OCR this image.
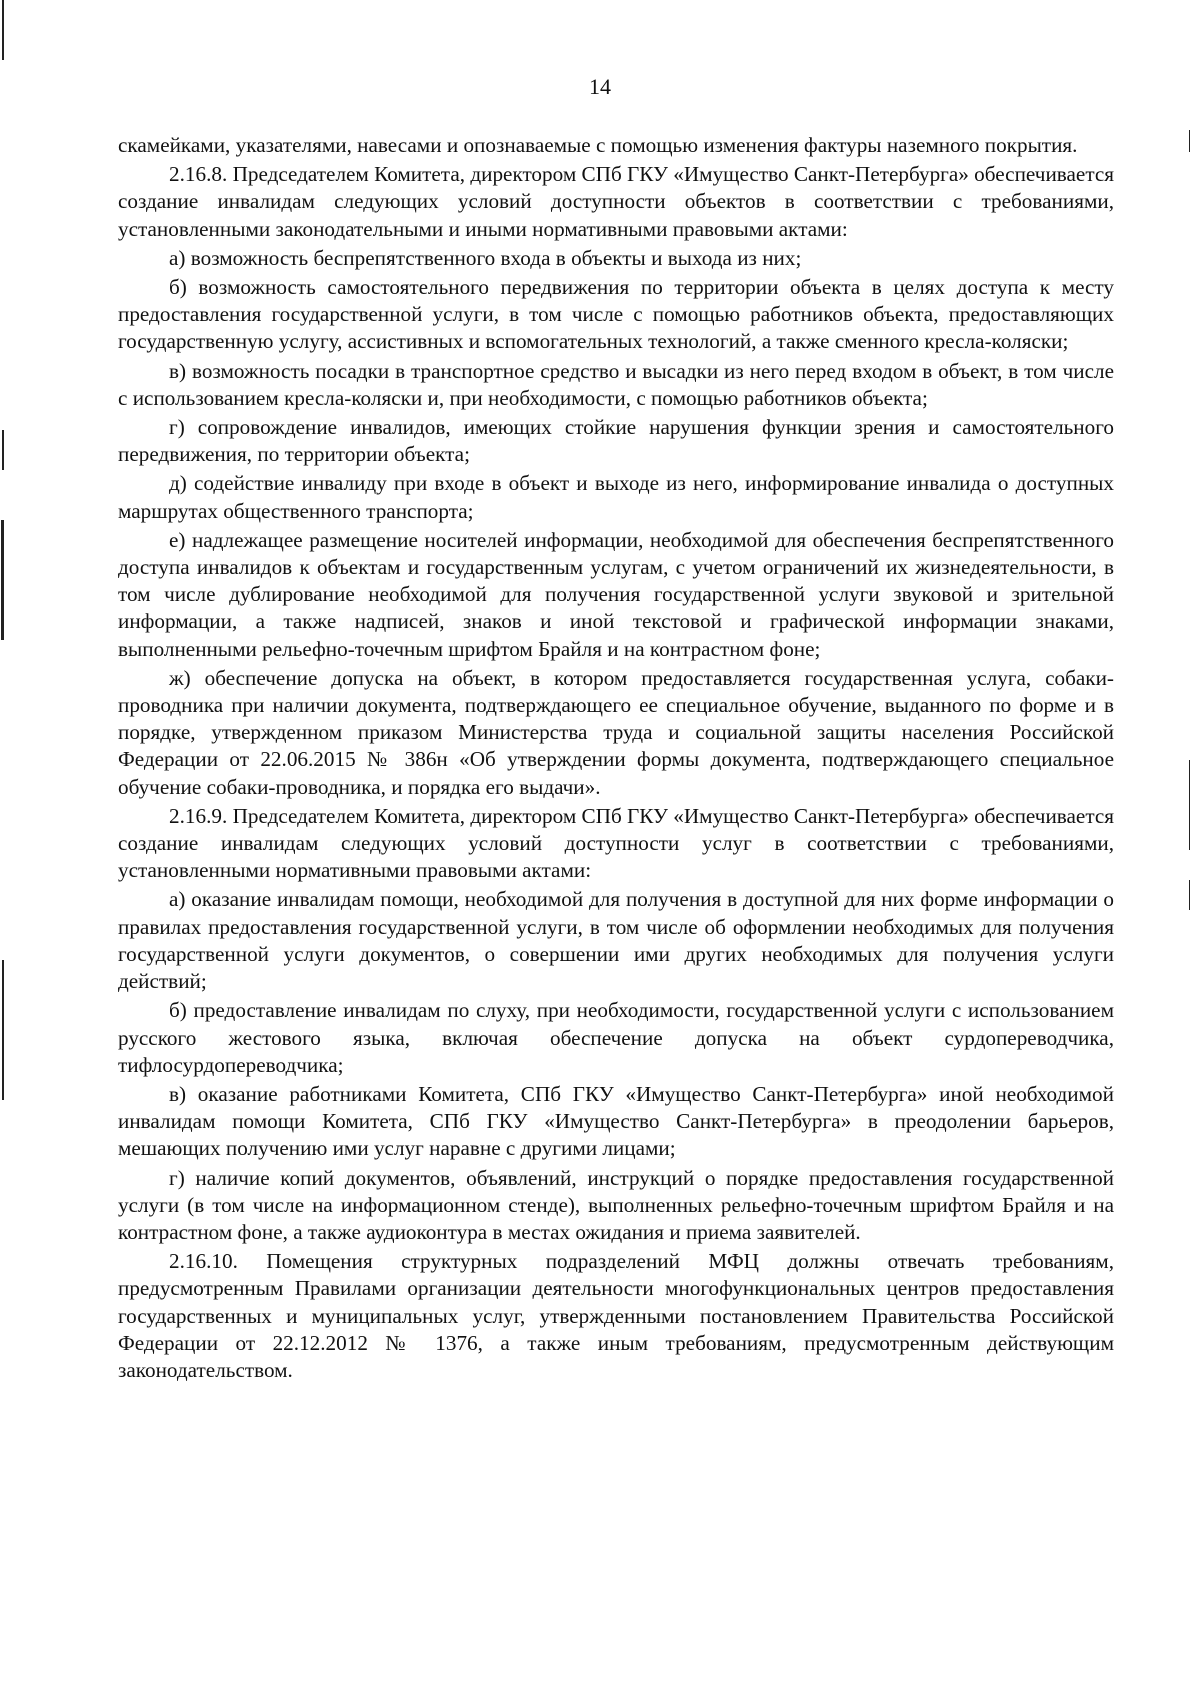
14

скамейками, указателями, навесами и опознаваемые с помощью изменения фактуры наземного покрытия.

2.16.8. Председателем Комитета, директором СПб ГКУ «Имущество Санкт-Петербурга» обеспечивается создание инвалидам следующих условий доступности объектов в соответствии с требованиями, установленными законодательными и иными нормативными правовыми актами:

а) возможность беспрепятственного входа в объекты и выхода из них;

б) возможность самостоятельного передвижения по территории объекта в целях доступа к месту предоставления государственной услуги, в том числе с помощью работников объекта, предоставляющих государственную услугу, ассистивных и вспомогательных технологий, а также сменного кресла-коляски;

в) возможность посадки в транспортное средство и высадки из него перед входом в объект, в том числе с использованием кресла-коляски и, при необходимости, с помощью работников объекта;

г) сопровождение инвалидов, имеющих стойкие нарушения функции зрения и самостоятельного передвижения, по территории объекта;

д) содействие инвалиду при входе в объект и выходе из него, информирование инвалида о доступных маршрутах общественного транспорта;

е) надлежащее размещение носителей информации, необходимой для обеспечения беспрепятственного доступа инвалидов к объектам и государственным услугам, с учетом ограничений их жизнедеятельности, в том числе дублирование необходимой для получения государственной услуги звуковой и зрительной информации, а также надписей, знаков и иной текстовой и графической информации знаками, выполненными рельефно-точечным шрифтом Брайля и на контрастном фоне;

ж) обеспечение допуска на объект, в котором предоставляется государственная услуга, собаки-проводника при наличии документа, подтверждающего ее специальное обучение, выданного по форме и в порядке, утвержденном приказом Министерства труда и социальной защиты населения Российской Федерации от 22.06.2015 № 386н «Об утверждении формы документа, подтверждающего специальное обучение собаки-проводника, и порядка его выдачи».

2.16.9. Председателем Комитета, директором СПб ГКУ «Имущество Санкт-Петербурга» обеспечивается создание инвалидам следующих условий доступности услуг в соответствии с требованиями, установленными нормативными правовыми актами:

а) оказание инвалидам помощи, необходимой для получения в доступной для них форме информации о правилах предоставления государственной услуги, в том числе об оформлении необходимых для получения государственной услуги документов, о совершении ими других необходимых для получения услуги действий;

б) предоставление инвалидам по слуху, при необходимости, государственной услуги с использованием русского жестового языка, включая обеспечение допуска на объект сурдопереводчика, тифлосурдопереводчика;

в) оказание работниками Комитета, СПб ГКУ «Имущество Санкт-Петербурга» иной необходимой инвалидам помощи Комитета, СПб ГКУ «Имущество Санкт-Петербурга» в преодолении барьеров, мешающих получению ими услуг наравне с другими лицами;

г) наличие копий документов, объявлений, инструкций о порядке предоставления государственной услуги (в том числе на информационном стенде), выполненных рельефно-точечным шрифтом Брайля и на контрастном фоне, а также аудиоконтура в местах ожидания и приема заявителей.

2.16.10. Помещения структурных подразделений МФЦ должны отвечать требованиям, предусмотренным Правилами организации деятельности многофункциональных центров предоставления государственных и муниципальных услуг, утвержденными постановлением Правительства Российской Федерации от 22.12.2012 № 1376, а также иным требованиям, предусмотренным действующим законодательством.
